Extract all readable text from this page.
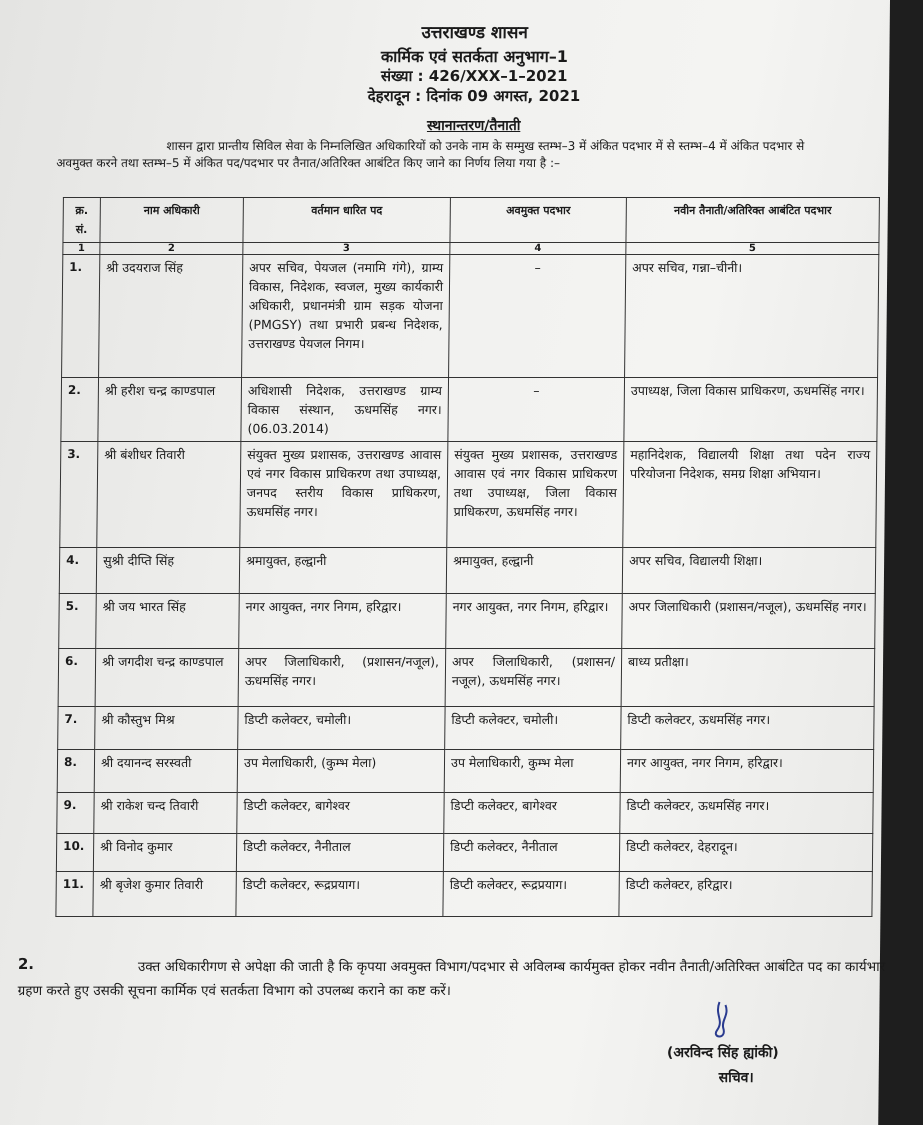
उत्तराखण्ड शासन
कार्मिक एवं सतर्कता अनुभाग–1
संख्या : 426/XXX–1–2021
देहरादून : दिनांक 09 अगस्त, 2021
स्थानान्तरण/तैनाती
शासन द्वारा प्रान्तीय सिविल सेवा के निम्नलिखित अधिकारियों को उनके नाम के सम्मुख स्तम्भ–3 में अंकित पदभार में से स्तम्भ–4 में अंकित पदभार से अवमुक्त करने तथा स्तम्भ–5 में अंकित पद/पदभार पर तैनात/अतिरिक्त आबंटित किए जाने का निर्णय लिया गया है :–
क्र. सं.	नाम अधिकारी	वर्तमान धारित पद	अवमुक्त पदभार	नवीन तैनाती/अतिरिक्त आबंटित पदभार
1	2	3	4	5
1.	श्री उदयराज सिंह	अपर सचिव, पेयजल (नमामि गंगे), ग्राम्य विकास, निदेशक, स्वजल, मुख्य कार्यकारी अधिकारी, प्रधानमंत्री ग्राम सड़क योजना (PMGSY) तथा प्रभारी प्रबन्ध निदेशक, उत्तराखण्ड पेयजल निगम।	–	अपर सचिव, गन्ना–चीनी।
2.	श्री हरीश चन्द्र काण्डपाल	अधिशासी निदेशक, उत्तराखण्ड ग्राम्य विकास संस्थान, ऊधमसिंह नगर। (06.03.2014)	–	उपाध्यक्ष, जिला विकास प्राधिकरण, ऊधमसिंह नगर।
3.	श्री बंशीधर तिवारी	संयुक्त मुख्य प्रशासक, उत्तराखण्ड आवास एवं नगर विकास प्राधिकरण तथा उपाध्यक्ष, जनपद स्तरीय विकास प्राधिकरण, ऊधमसिंह नगर।	संयुक्त मुख्य प्रशासक, उत्तराखण्ड आवास एवं नगर विकास प्राधिकरण तथा उपाध्यक्ष, जिला विकास प्राधिकरण, ऊधमसिंह नगर।	महानिदेशक, विद्यालयी शिक्षा तथा पदेन राज्य परियोजना निदेशक, समग्र शिक्षा अभियान।
4.	सुश्री दीप्ति सिंह	श्रमायुक्त, हल्द्वानी	श्रमायुक्त, हल्द्वानी	अपर सचिव, विद्यालयी शिक्षा।
5.	श्री जय भारत सिंह	नगर आयुक्त, नगर निगम, हरिद्वार।	नगर आयुक्त, नगर निगम, हरिद्वार।	अपर जिलाधिकारी (प्रशासन/नजूल), ऊधमसिंह नगर।
6.	श्री जगदीश चन्द्र काण्डपाल	अपर जिलाधिकारी, (प्रशासन/नजूल), ऊधमसिंह नगर।	अपर जिलाधिकारी, (प्रशासन/नजूल), ऊधमसिंह नगर।	बाध्य प्रतीक्षा।
7.	श्री कौस्तुभ मिश्र	डिप्टी कलेक्टर, चमोली।	डिप्टी कलेक्टर, चमोली।	डिप्टी कलेक्टर, ऊधमसिंह नगर।
8.	श्री दयानन्द सरस्वती	उप मेलाधिकारी, (कुम्भ मेला)	उप मेलाधिकारी, कुम्भ मेला	नगर आयुक्त, नगर निगम, हरिद्वार।
9.	श्री राकेश चन्द तिवारी	डिप्टी कलेक्टर, बागेश्वर	डिप्टी कलेक्टर, बागेश्वर	डिप्टी कलेक्टर, ऊधमसिंह नगर।
10.	श्री विनोद कुमार	डिप्टी कलेक्टर, नैनीताल	डिप्टी कलेक्टर, नैनीताल	डिप्टी कलेक्टर, देहरादून।
11.	श्री बृजेश कुमार तिवारी	डिप्टी कलेक्टर, रूद्रप्रयाग।	डिप्टी कलेक्टर, रूद्रप्रयाग।	डिप्टी कलेक्टर, हरिद्वार।
2.	उक्त अधिकारीगण से अपेक्षा की जाती है कि कृपया अवमुक्त विभाग/पदभार से अविलम्ब कार्यमुक्त होकर नवीन तैनाती/अतिरिक्त आबंटित पद का कार्यभार ग्रहण करते हुए उसकी सूचना कार्मिक एवं सतर्कता विभाग को उपलब्ध कराने का कष्ट करें।
(अरविन्द सिंह ह्यांकी)
सचिव।
